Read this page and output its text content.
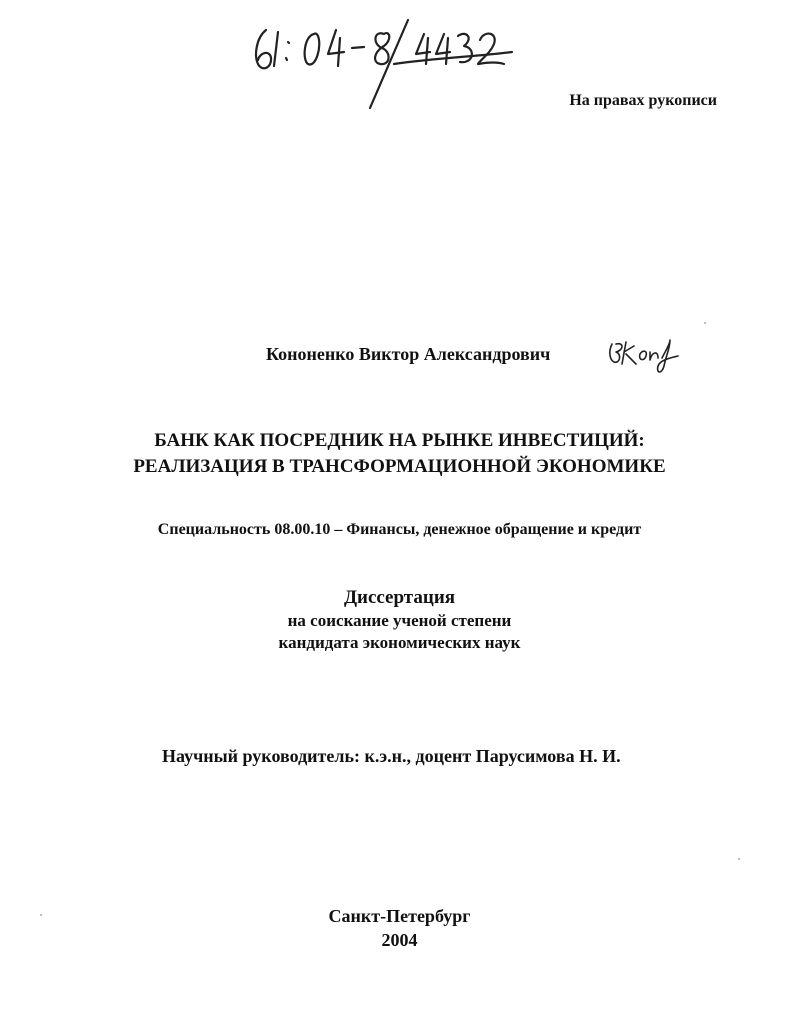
На правах рукописи
Кононенко Виктор Александрович
БАНК КАК ПОСРЕДНИК НА РЫНКЕ ИНВЕСТИЦИЙ:
РЕАЛИЗАЦИЯ В ТРАНСФОРМАЦИОННОЙ ЭКОНОМИКЕ
Специальность 08.00.10 – Финансы, денежное обращение и кредит
Диссертация
на соискание ученой степени
кандидата экономических наук
Научный руководитель: к.э.н., доцент Парусимова Н. И.
Санкт-Петербург
2004
